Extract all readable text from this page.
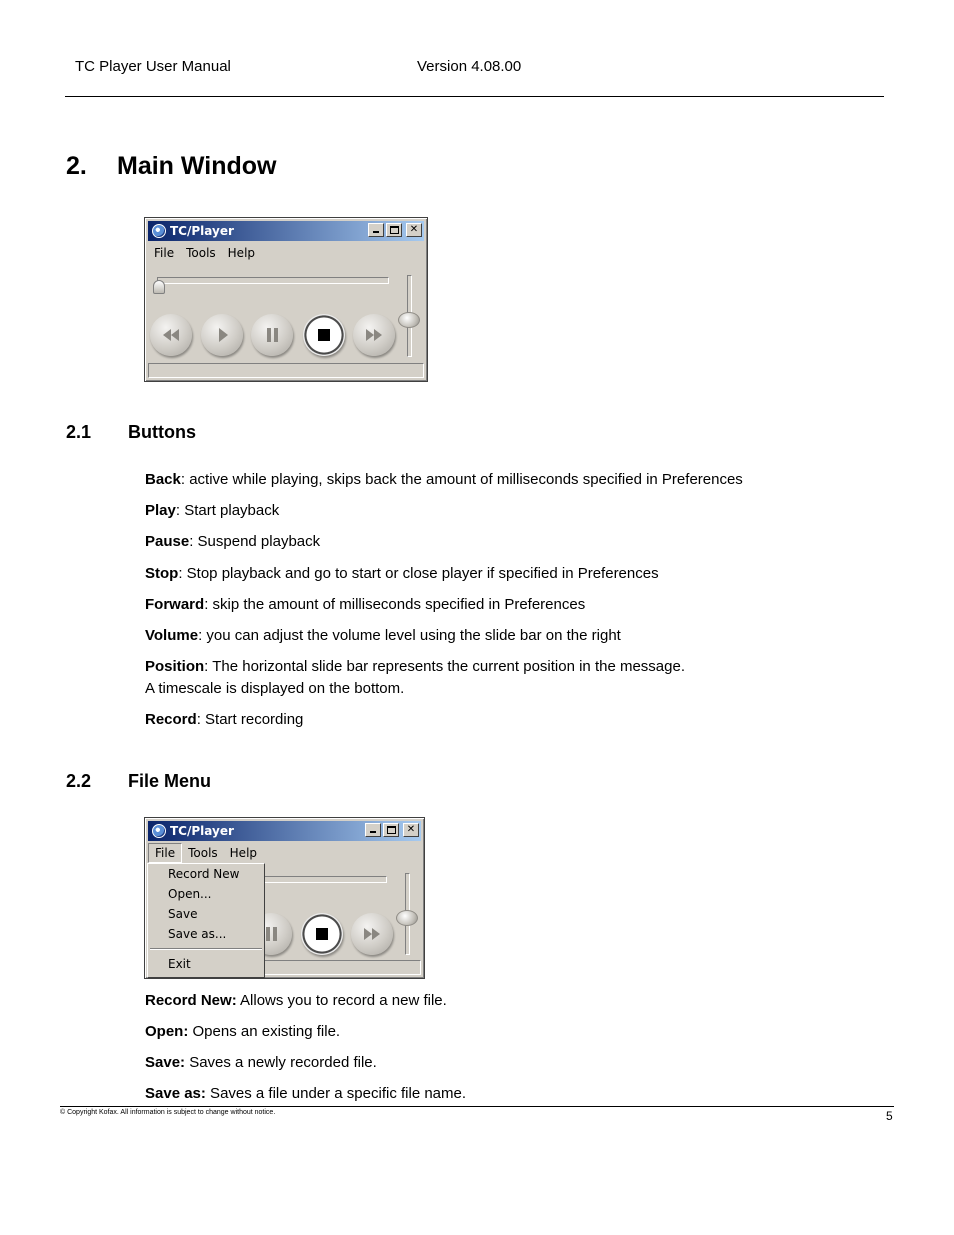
TC Player User Manual	Version 4.08.00
2. Main Window
TC/Player	✕
File	Tools	Help
2.1 Buttons
Back: active while playing, skips back the amount of milliseconds specified in Preferences
Play: Start playback
Pause: Suspend playback
Stop: Stop playback and go to start or close player if specified in Preferences
Forward: skip the amount of milliseconds specified in Preferences
Volume: you can adjust the volume level using the slide bar on the right
Position: The horizontal slide bar represents the current position in the message.
A timescale is displayed on the bottom.
Record: Start recording
2.2 File Menu
TC/Player	✕
File	Tools	Help
Record New
Open...
Save
Save as...
Exit
Record New: Allows you to record a new file.
Open: Opens an existing file.
Save: Saves a newly recorded file.
Save as: Saves a file under a specific file name.
© Copyright Kofax. All information is subject to change without notice.	5
